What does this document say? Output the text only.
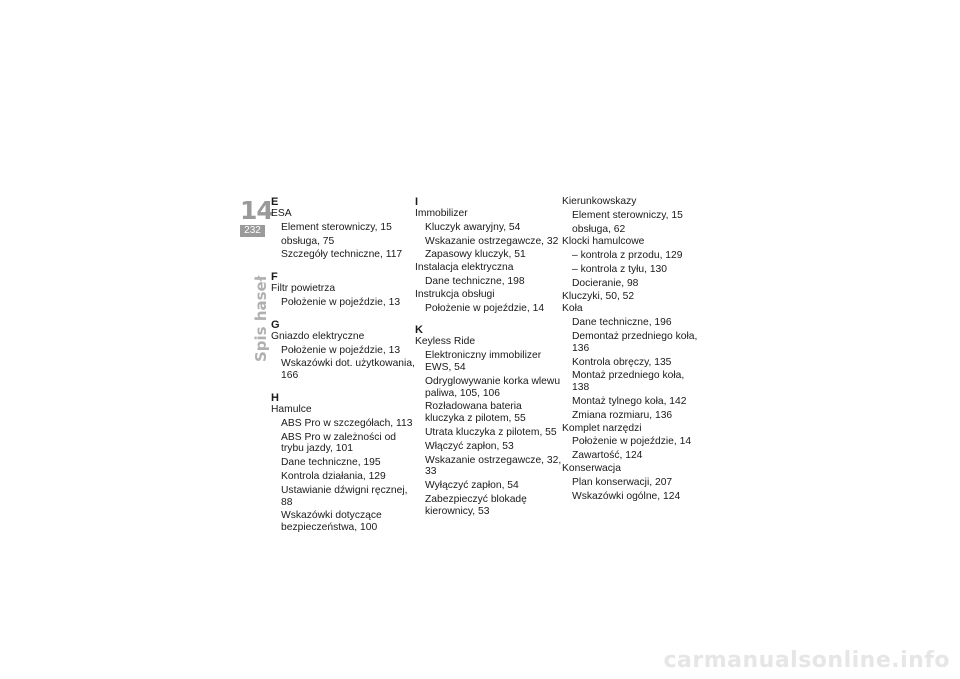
14
232
Spis haseł
E
ESA
Element sterowniczy, 15
obsługa, 75
Szczegóły techniczne, 117
F
Filtr powietrza
Położenie w pojeździe, 13
G
Gniazdo elektryczne
Położenie w pojeździe, 13
Wskazówki dot. użytkowania, 166
H
Hamulce
ABS Pro w szczegółach, 113
ABS Pro w zależności od trybu jazdy, 101
Dane techniczne, 195
Kontrola działania, 129
Ustawianie dźwigni ręcznej, 88
Wskazówki dotyczące bezpieczeństwa, 100
I
Immobilizer
Kluczyk awaryjny, 54
Wskazanie ostrzegawcze, 32
Zapasowy kluczyk, 51
Instalacja elektryczna
Dane techniczne, 198
Instrukcja obsługi
Położenie w pojeździe, 14
K
Keyless Ride
Elektroniczny immobilizer EWS, 54
Odryglowywanie korka wlewu paliwa, 105, 106
Rozładowana bateria kluczyka z pilotem, 55
Utrata kluczyka z pilotem, 55
Włączyć zapłon, 53
Wskazanie ostrzegawcze, 32, 33
Wyłączyć zapłon, 54
Zabezpieczyć blokadę kierownicy, 53
Kierunkowskazy
Element sterowniczy, 15
obsługa, 62
Klocki hamulcowe
– kontrola z przodu, 129
– kontrola z tyłu, 130
Docieranie, 98
Kluczyki, 50, 52
Koła
Dane techniczne, 196
Demontaż przedniego koła, 136
Kontrola obręczy, 135
Montaż przedniego koła, 138
Montaż tylnego koła, 142
Zmiana rozmiaru, 136
Komplet narzędzi
Położenie w pojeździe, 14
Zawartość, 124
Konserwacja
Plan konserwacji, 207
Wskazówki ogólne, 124
carmanualsonline.info
